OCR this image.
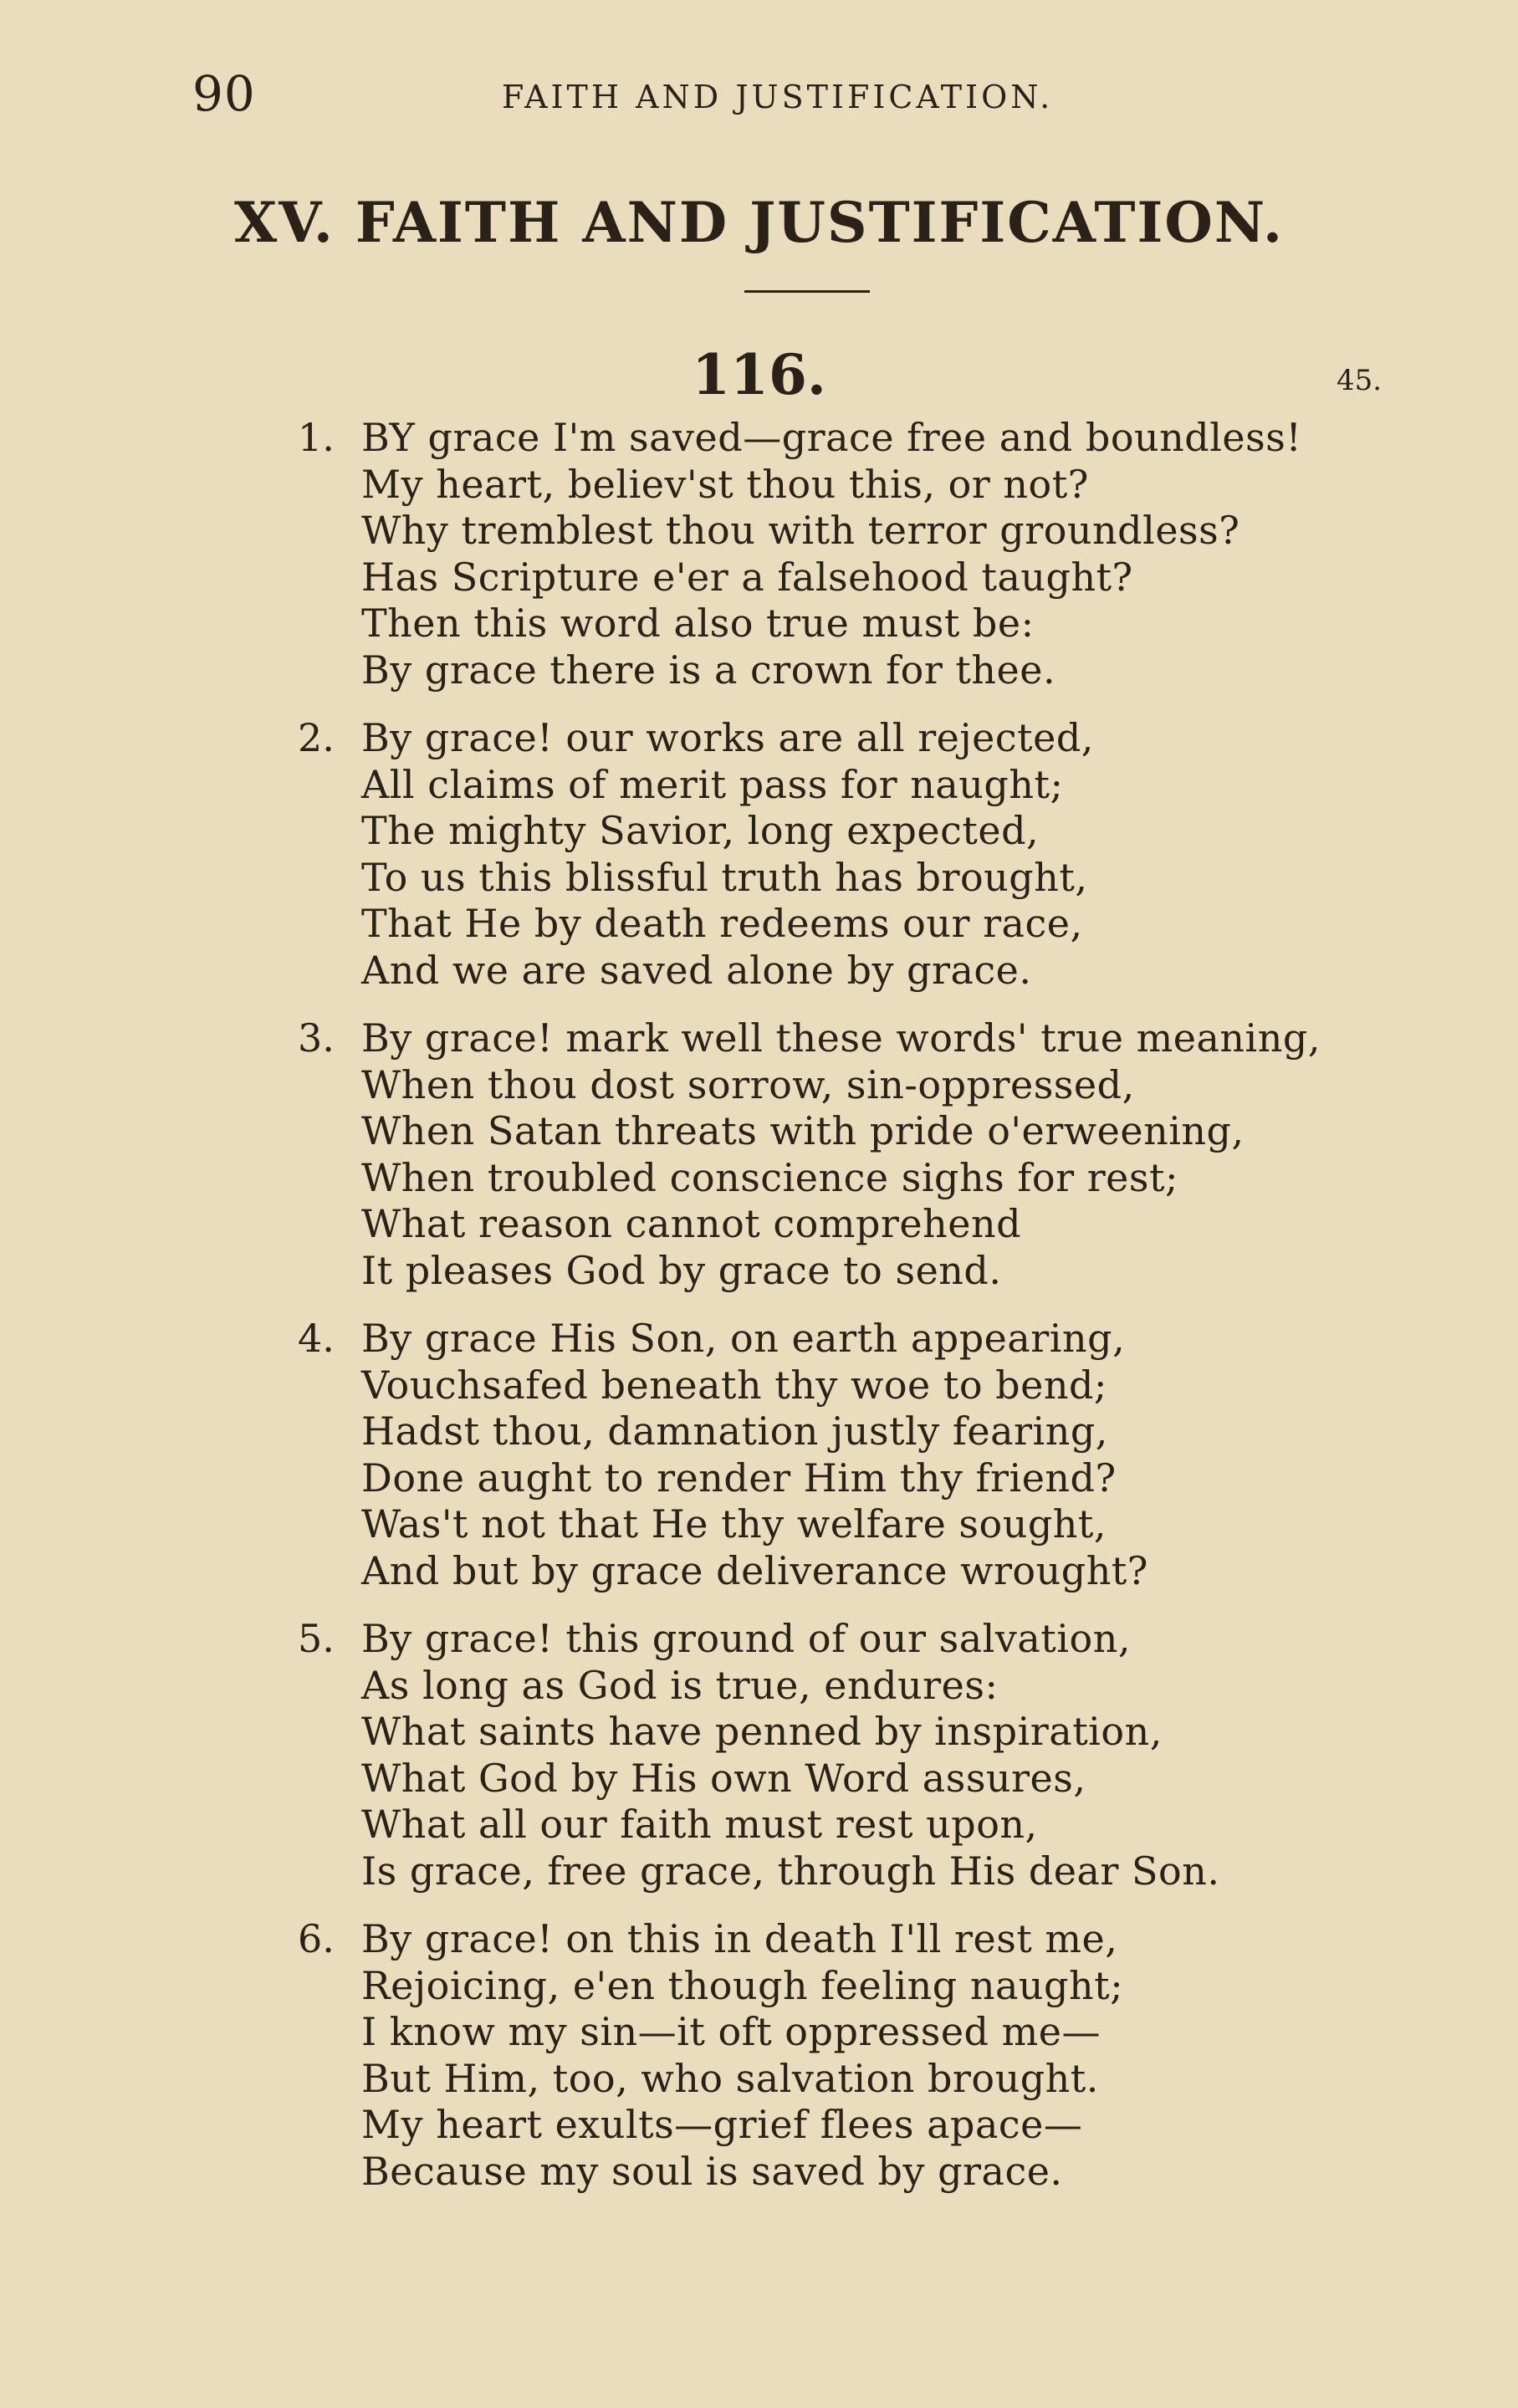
90	FAITH AND JUSTIFICATION.
XV. FAITH AND JUSTIFICATION.
116.	45.
1. BY grace I'm saved—grace free and boundless!
My heart, believ'st thou this, or not?
Why tremblest thou with terror groundless?
Has Scripture e'er a falsehood taught?
Then this word also true must be:
By grace there is a crown for thee.
2. By grace! our works are all rejected,
All claims of merit pass for naught;
The mighty Savior, long expected,
To us this blissful truth has brought,
That He by death redeems our race,
And we are saved alone by grace.
3. By grace! mark well these words' true meaning,
When thou dost sorrow, sin-oppressed,
When Satan threats with pride o'erweening,
When troubled conscience sighs for rest;
What reason cannot comprehend
It pleases God by grace to send.
4. By grace His Son, on earth appearing,
Vouchsafed beneath thy woe to bend;
Hadst thou, damnation justly fearing,
Done aught to render Him thy friend?
Was't not that He thy welfare sought,
And but by grace deliverance wrought?
5. By grace! this ground of our salvation,
As long as God is true, endures:
What saints have penned by inspiration,
What God by His own Word assures,
What all our faith must rest upon,
Is grace, free grace, through His dear Son.
6. By grace! on this in death I'll rest me,
Rejoicing, e'en though feeling naught;
I know my sin—it oft oppressed me—
But Him, too, who salvation brought.
My heart exults—grief flees apace—
Because my soul is saved by grace.
